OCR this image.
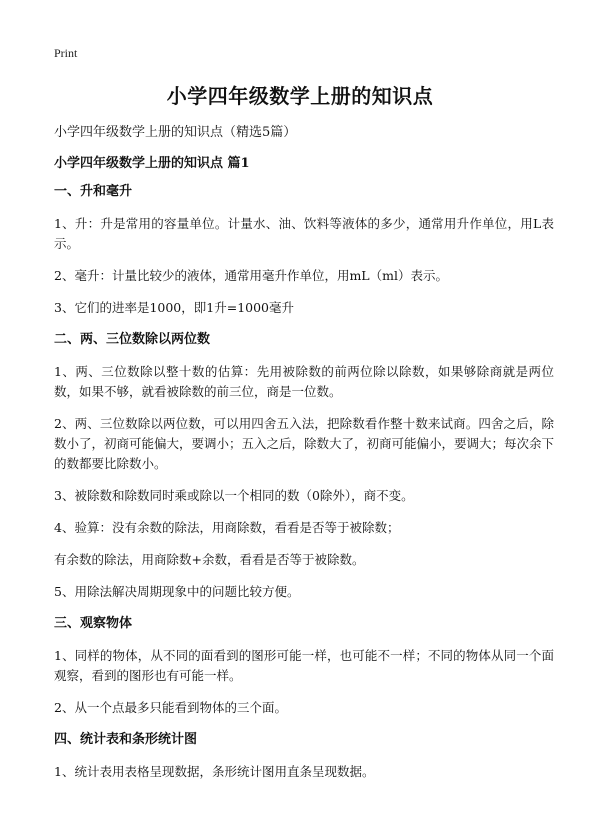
Print
小学四年级数学上册的知识点
小学四年级数学上册的知识点（精选5篇）
小学四年级数学上册的知识点 篇1
一、升和毫升
1、升：升是常用的容量单位。计量水、油、饮料等液体的多少，通常用升作单位，用L表示。
2、毫升：计量比较少的液体，通常用毫升作单位，用mL（ml）表示。
3、它们的进率是1000，即1升=1000毫升
二、两、三位数除以两位数
1、两、三位数除以整十数的估算：先用被除数的前两位除以除数，如果够除商就是两位数，如果不够，就看被除数的前三位，商是一位数。
2、两、三位数除以两位数，可以用四舍五入法，把除数看作整十数来试商。四舍之后，除数小了，初商可能偏大，要调小；五入之后，除数大了，初商可能偏小，要调大；每次余下的数都要比除数小。
3、被除数和除数同时乘或除以一个相同的数（0除外），商不变。
4、验算：没有余数的除法，用商除数，看看是否等于被除数；
有余数的除法，用商除数+余数，看看是否等于被除数。
5、用除法解决周期现象中的问题比较方便。
三、观察物体
1、同样的物体，从不同的面看到的图形可能一样，也可能不一样；不同的物体从同一个面观察，看到的图形也有可能一样。
2、从一个点最多只能看到物体的三个面。
四、统计表和条形统计图
1、统计表用表格呈现数据，条形统计图用直条呈现数据。
